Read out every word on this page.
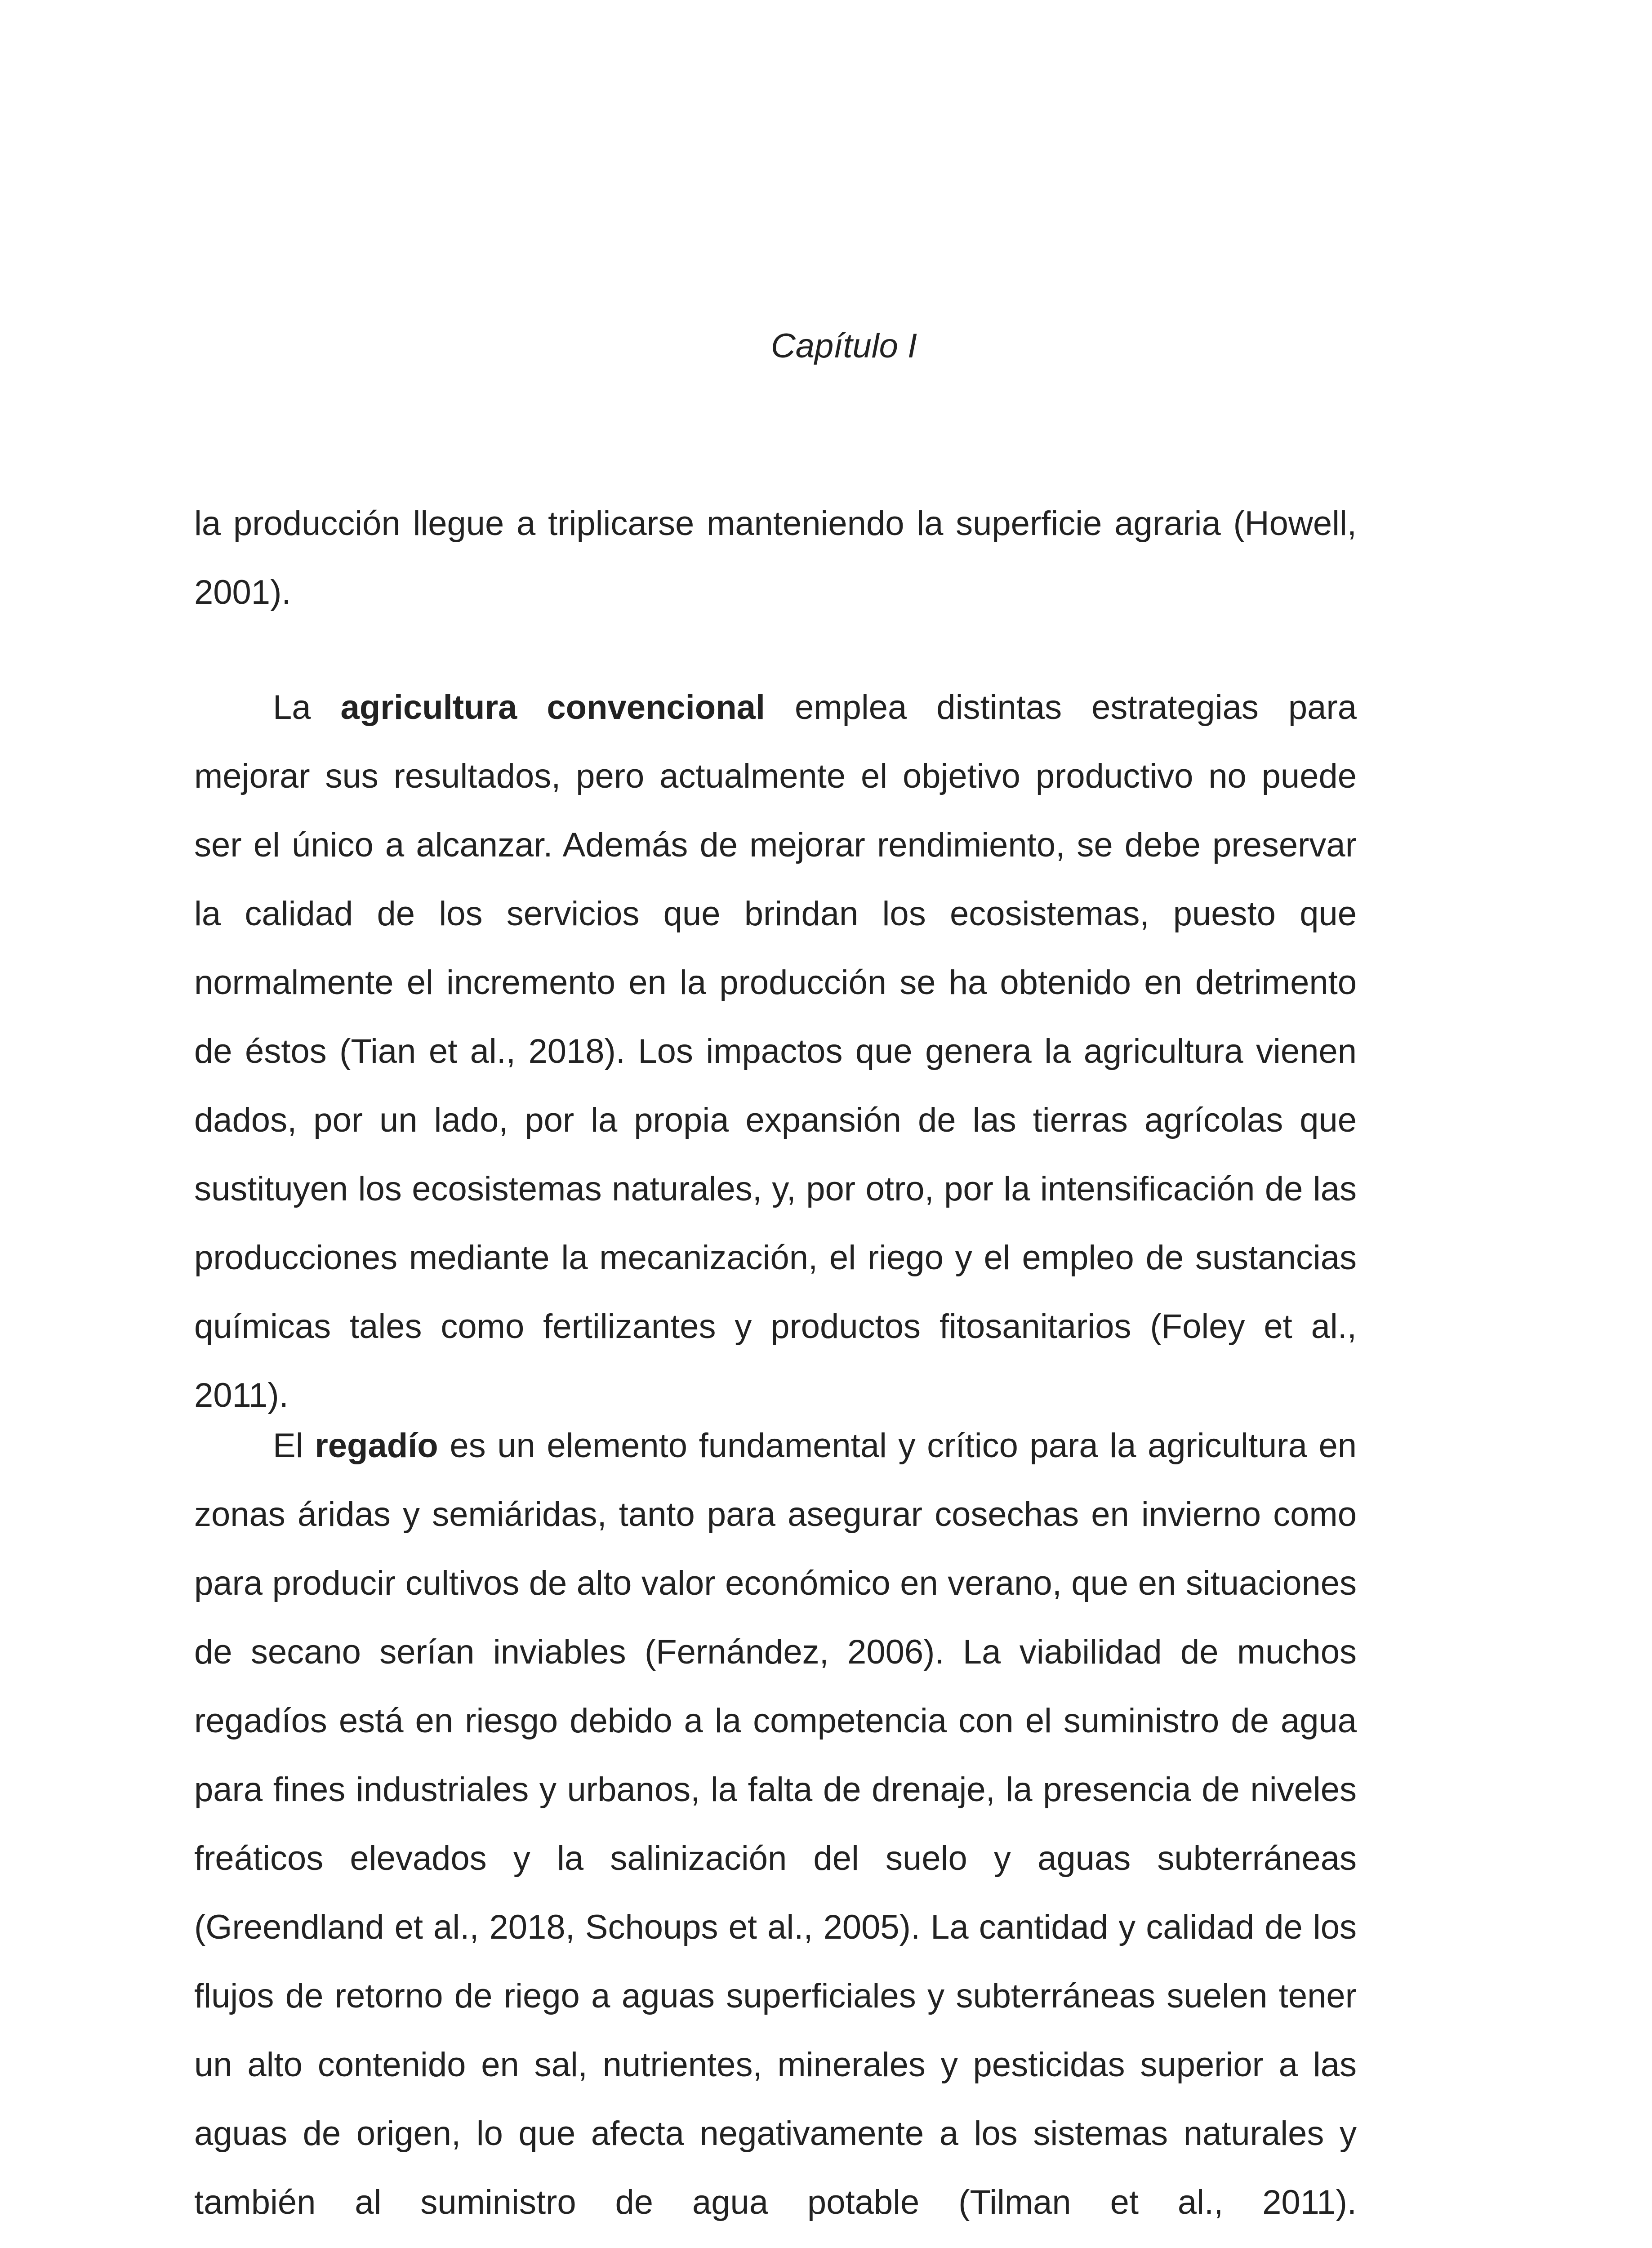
Capítulo I

la producción llegue a triplicarse manteniendo la superficie agraria (Howell, 2001).

La agricultura convencional emplea distintas estrategias para mejorar sus resultados, pero actualmente el objetivo productivo no puede ser el único a alcanzar. Además de mejorar rendimiento, se debe preservar la calidad de los servicios que brindan los ecosistemas, puesto que normalmente el incremento en la producción se ha obtenido en detrimento de éstos (Tian et al., 2018). Los impactos que genera la agricultura vienen dados, por un lado, por la propia expansión de las tierras agrícolas que sustituyen los ecosistemas naturales, y, por otro, por la intensificación de las producciones mediante la mecanización, el riego y el empleo de sustancias químicas tales como fertilizantes y productos fitosanitarios (Foley et al., 2011).

El regadío es un elemento fundamental y crítico para la agricultura en zonas áridas y semiáridas, tanto para asegurar cosechas en invierno como para producir cultivos de alto valor económico en verano, que en situaciones de secano serían inviables (Fernández, 2006). La viabilidad de muchos regadíos está en riesgo debido a la competencia con el suministro de agua para fines industriales y urbanos, la falta de drenaje, la presencia de niveles freáticos elevados y la salinización del suelo y aguas subterráneas (Greendland et al., 2018, Schoups et al., 2005). La cantidad y calidad de los flujos de retorno de riego a aguas superficiales y subterráneas suelen tener un alto contenido en sal, nutrientes, minerales y pesticidas superior a las aguas de origen, lo que afecta negativamente a los sistemas naturales y también al suministro de agua potable (Tilman et al., 2011).
